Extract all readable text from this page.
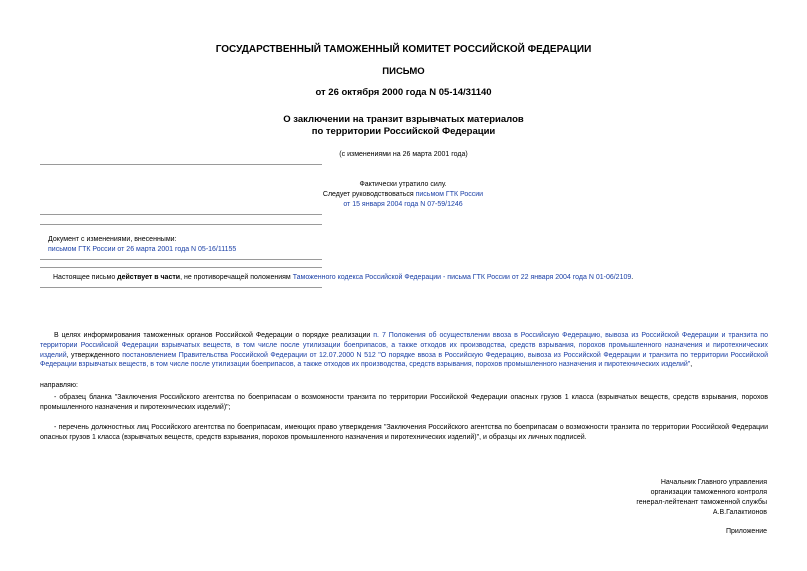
ГОСУДАРСТВЕННЫЙ ТАМОЖЕННЫЙ КОМИТЕТ РОССИЙСКОЙ ФЕДЕРАЦИИ
ПИСЬМО
от 26 октября 2000 года N 05-14/31140
О заключении на транзит взрывчатых материалов
по территории Российской Федерации
(с изменениями на 26 марта 2001 года)
Фактически утратило силу.
Следует руководствоваться письмом ГТК России
от 15 января 2004 года N 07-59/1246
Документ с изменениями, внесенными:
письмом ГТК России от 26 марта 2001 года N 05-16/11155
Настоящее письмо действует в части, не противоречащей положениям Таможенного кодекса Российской Федерации - письма ГТК России от 22 января 2004 года N 01-06/2109.
В целях информирования таможенных органов Российской Федерации о порядке реализации п. 7 Положения об осуществлении ввоза в Российскую Федерацию, вывоза из Российской Федерации и транзита по территории Российской Федерации взрывчатых веществ, в том числе после утилизации боеприпасов, а также отходов их производства, средств взрывания, порохов промышленного назначения и пиротехнических изделий, утвержденного постановлением Правительства Российской Федерации от 12.07.2000 N 512 "О порядке ввоза в Российскую Федерацию, вывоза из Российской Федерации и транзита по территории Российской Федерации взрывчатых веществ, в том числе после утилизации боеприпасов, а также отходов их производства, средств взрывания, порохов промышленного назначения и пиротехнических изделий",
направляю:
- образец бланка "Заключения Российского агентства по боеприпасам о возможности транзита по территории Российской Федерации опасных грузов 1 класса (взрывчатых веществ, средств взрывания, порохов промышленного назначения и пиротехнических изделий)";
- перечень должностных лиц Российского агентства по боеприпасам, имеющих право утверждения "Заключения Российского агентства по боеприпасам о возможности транзита по территории Российской Федерации опасных грузов 1 класса (взрывчатых веществ, средств взрывания, порохов промышленного назначения и пиротехнических изделий)", и образцы их личных подписей.
Начальник Главного управления
организации таможенного контроля
генерал-лейтенант таможенной службы
А.В.Галактионов
Приложение
